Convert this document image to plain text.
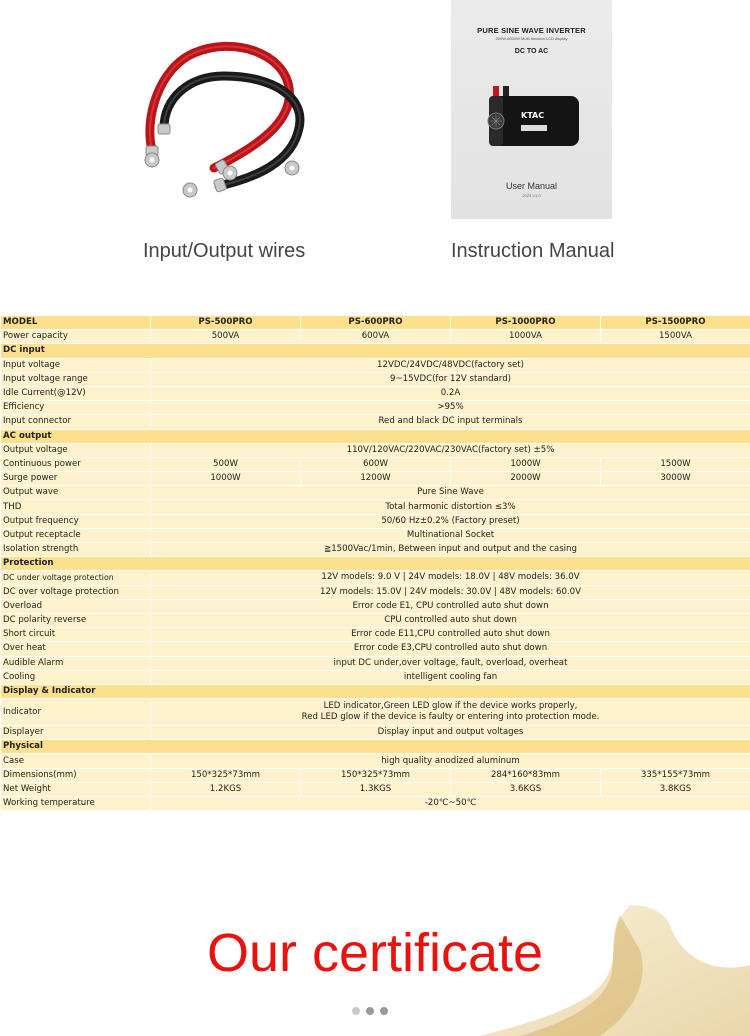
PURE SINE WAVE INVERTER
300W-6000W Multi-function LCD display
DC TO AC
KTAC
User Manual
2023 V1.0
Input/Output wires	Instruction Manual
MODEL	PS-500PRO	PS-600PRO	PS-1000PRO	PS-1500PRO
Power capacity	500VA	600VA	1000VA	1500VA
DC input				
Input voltage	12VDC/24VDC/48VDC(factory set)			
Input voltage range	9~15VDC(for 12V standard)			
Idle Current(@12V)	0.2A			
Efficiency	>95%			
Input connector	Red and black DC input terminals			
AC output				
Output voltage	110V/120VAC/220VAC/230VAC(factory set) ±5%			
Continuous power	500W	600W	1000W	1500W
Surge power	1000W	1200W	2000W	3000W
Output wave	Pure Sine Wave			
THD	Total harmonic distortion ≤3%			
Output frequency	50/60 Hz±0.2% (Factory preset)			
Output receptacle	Multinational Socket			
Isolation strength	≧1500Vac/1min, Between input and output and the casing			
Protection				
DC under voltage protection	12V models: 9.0 V | 24V models: 18.0V | 48V models: 36.0V			
DC over voltage protection	12V models: 15.0V | 24V models: 30.0V | 48V models: 60.0V			
Overload	Error code E1, CPU controlled auto shut down			
DC polarity reverse	CPU controlled auto shut down			
Short circuit	Error code E11,CPU controlled auto shut down			
Over heat	Error code E3,CPU controlled auto shut down			
Audible Alarm	input DC under,over voltage, fault, overload, overheat			
Cooling	intelligent cooling fan			
Display & Indicator				
Indicator	LED indicator,Green LED glow if the device works properly,
Red LED glow if the device is faulty or entering into protection mode.			

Displayer	Display input and output voltages			
Physical				
Case	high quality anodized aluminum			
Dimensions(mm)	150*325*73mm	150*325*73mm	284*160*83mm	335*155*73mm
Net Weight	1.2KGS	1.3KGS	3.6KGS	3.8KGS
Working temperature	-20℃~50℃			
Our certificate
